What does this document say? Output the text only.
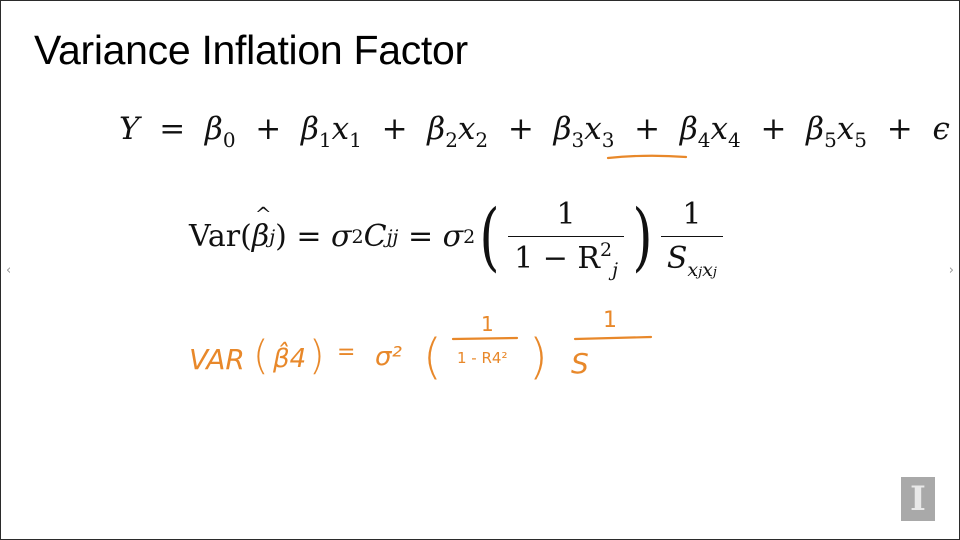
Variance Inflation Factor
$Y = \beta_0 + \beta_1x_1 + \beta_2x_2 + \beta_3x_3 + \beta_4x_4 + \beta_5x_5 + \epsilon$
Var(
^ β j ) = σ 2 C jj = σ 2 ( $\frac{1}{1 - R^2_j}$ ) $\frac{1}{S_{xjxj}}$
VAR ( β̂4 ) = σ² (
1
1 - R4² )
1
S
‹	›
I
